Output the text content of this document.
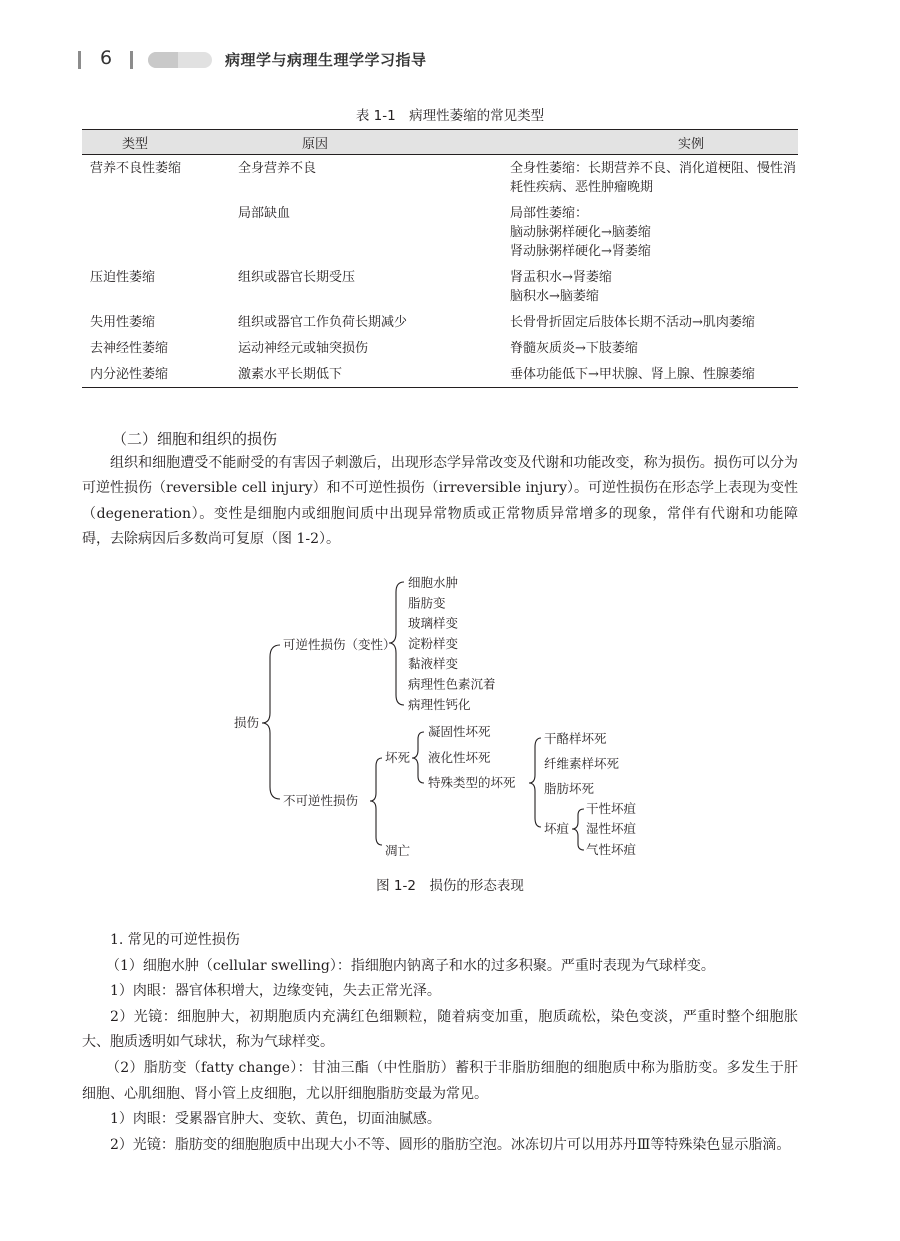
6	病理学与病理生理学学习指导
表 1-1　病理性萎缩的常见类型
类型	原因	实例
营养不良性萎缩	全身营养不良	全身性萎缩：长期营养不良、消化道梗阻、慢性消耗性疾病、恶性肿瘤晚期

	局部缺血	局部性萎缩：
脑动脉粥样硬化→脑萎缩
肾动脉粥样硬化→肾萎缩

压迫性萎缩	组织或器官长期受压	肾盂积水→肾萎缩
脑积水→脑萎缩

失用性萎缩	组织或器官工作负荷长期减少	长骨骨折固定后肢体长期不活动→肌肉萎缩

去神经性萎缩	运动神经元或轴突损伤	脊髓灰质炎→下肢萎缩

内分泌性萎缩	激素水平长期低下	垂体功能低下→甲状腺、肾上腺、性腺萎缩
（二）细胞和组织的损伤

组织和细胞遭受不能耐受的有害因子刺激后，出现形态学异常改变及代谢和功能改变，称为损伤。损伤可以分为可逆性损伤（reversible cell injury）和不可逆性损伤（irreversible injury）。可逆性损伤在形态学上表现为变性（degeneration）。变性是细胞内或细胞间质中出现异常物质或正常物质异常增多的现象，常伴有代谢和功能障碍，去除病因后多数尚可复原（图 1-2）。

损伤
可逆性损伤（变性）
细胞水肿
脂肪变
玻璃样变
淀粉样变
黏液样变
病理性色素沉着
病理性钙化
不可逆性损伤
坏死
凋亡
凝固性坏死
液化性坏死
特殊类型的坏死
干酪样坏死
纤维素样坏死
脂肪坏死
坏疽
干性坏疽
湿性坏疽
气性坏疽
图 1-2　损伤的形态表现

1. 常见的可逆性损伤

（1）细胞水肿（cellular swelling）：指细胞内钠离子和水的过多积聚。严重时表现为气球样变。

1）肉眼：器官体积增大，边缘变钝，失去正常光泽。

2）光镜：细胞肿大，初期胞质内充满红色细颗粒，随着病变加重，胞质疏松，染色变淡，严重时整个细胞胀大、胞质透明如气球状，称为气球样变。

（2）脂肪变（fatty change）：甘油三酯（中性脂肪）蓄积于非脂肪细胞的细胞质中称为脂肪变。多发生于肝细胞、心肌细胞、肾小管上皮细胞，尤以肝细胞脂肪变最为常见。

1）肉眼：受累器官肿大、变软、黄色，切面油腻感。

2）光镜：脂肪变的细胞胞质中出现大小不等、圆形的脂肪空泡。冰冻切片可以用苏丹Ⅲ等特殊染色显示脂滴。
